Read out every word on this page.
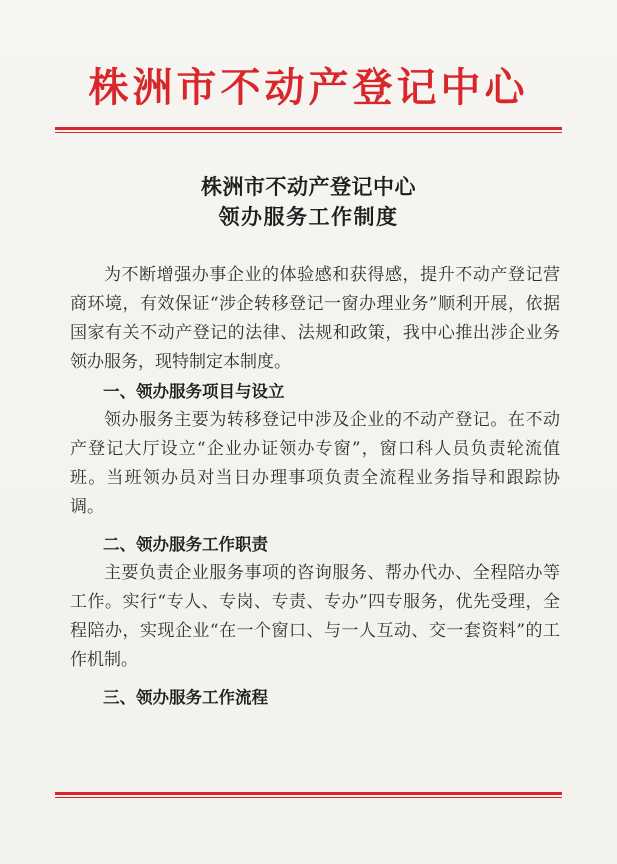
株洲市不动产登记中心
株洲市不动产登记中心
领办服务工作制度

为不断增强办事企业的体验感和获得感，提升不动产登记营商环境，有效保证“涉企转移登记一窗办理业务”顺利开展，依据国家有关不动产登记的法律、法规和政策，我中心推出涉企业务领办服务，现特制定本制度。

一、领办服务项目与设立

领办服务主要为转移登记中涉及企业的不动产登记。在不动产登记大厅设立“企业办证领办专窗”，窗口科人员负责轮流值班。当班领办员对当日办理事项负责全流程业务指导和跟踪协调。

二、领办服务工作职责

主要负责企业服务事项的咨询服务、帮办代办、全程陪办等工作。实行“专人、专岗、专责、专办”四专服务，优先受理，全程陪办，实现企业“在一个窗口、与一人互动、交一套资料”的工作机制。

三、领办服务工作流程
